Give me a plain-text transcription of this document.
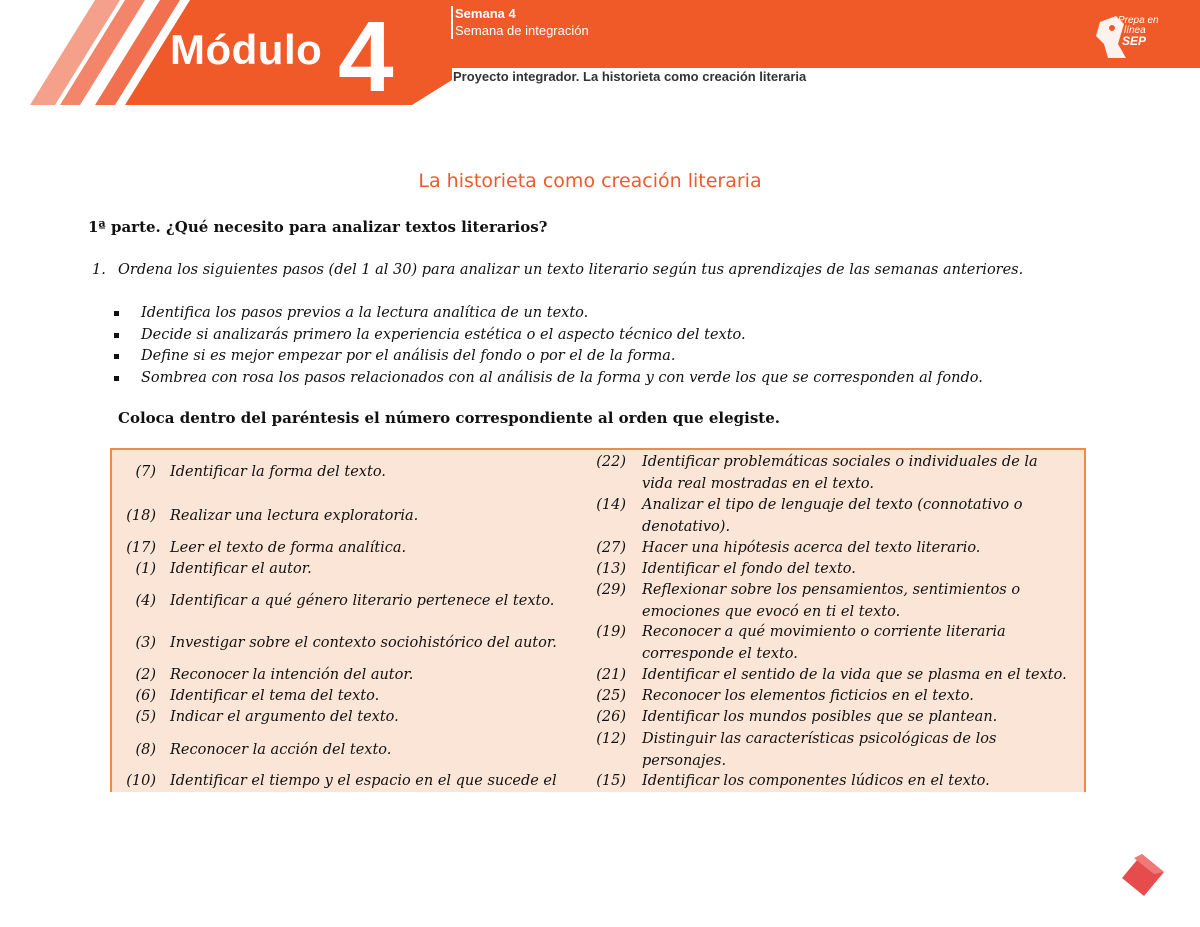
Módulo 4	Semana 4
Semana de integración
Proyecto integrador. La historieta como creación literaria
Prepa en
línea
SEP
La historieta como creación literaria
1ª parte. ¿Qué necesito para analizar textos literarios?
1. Ordena los siguientes pasos (del 1 al 30) para analizar un texto literario según tus aprendizajes de las semanas anteriores.
Identifica los pasos previos a la lectura analítica de un texto.
Decide si analizarás primero la experiencia estética o el aspecto técnico del texto.
Define si es mejor empezar por el análisis del fondo o por el de la forma.
Sombrea con rosa los pasos relacionados con al análisis de la forma y con verde los que se corresponden al fondo.
Coloca dentro del paréntesis el número correspondiente al orden que elegiste.
(7) Identificar la forma del texto.
(18) Realizar una lectura exploratoria.
(17) Leer el texto de forma analítica.
(1) Identificar el autor.
(4) Identificar a qué género literario pertenece el texto.
(3) Investigar sobre el contexto sociohistórico del autor.
(2) Reconocer la intención del autor.
(6) Identificar el tema del texto.
(5) Indicar el argumento del texto.
(8) Reconocer la acción del texto.
(10) Identificar el tiempo y el espacio en el que sucede el
(22) Identificar problemáticas sociales o individuales de la vida real mostradas en el texto.
(14) Analizar el tipo de lenguaje del texto (connotativo o denotativo).
(27) Hacer una hipótesis acerca del texto literario.
(13) Identificar el fondo del texto.
(29) Reflexionar sobre los pensamientos, sentimientos o emociones que evocó en ti el texto.
(19) Reconocer a qué movimiento o corriente literaria corresponde el texto.
(21) Identificar el sentido de la vida que se plasma en el texto.
(25) Reconocer los elementos ficticios en el texto.
(26) Identificar los mundos posibles que se plantean.
(12) Distinguir las características psicológicas de los personajes.
(15) Identificar los componentes lúdicos en el texto.
